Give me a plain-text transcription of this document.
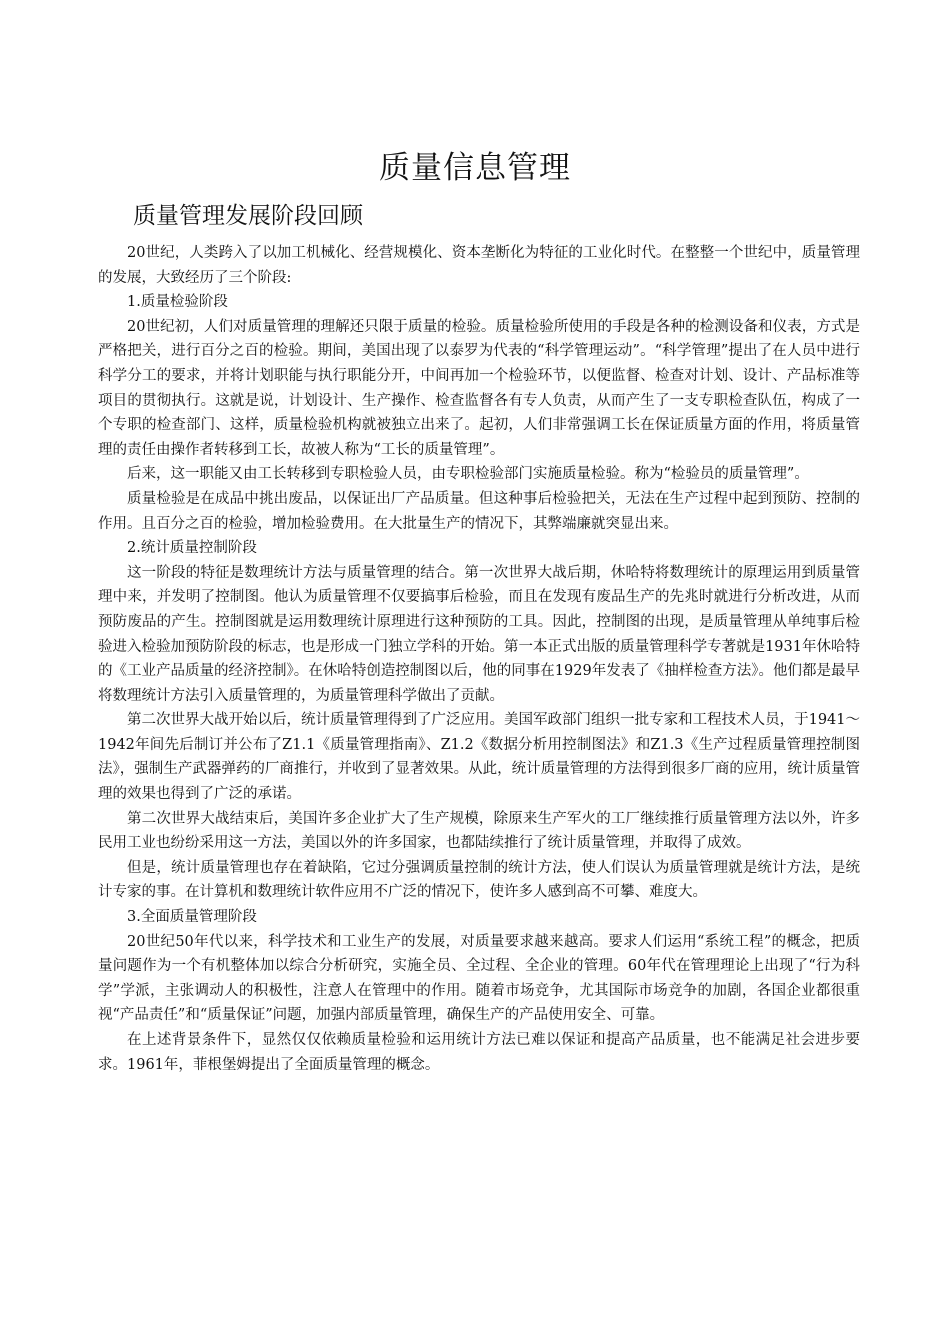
质量信息管理
质量管理发展阶段回顾

20世纪，人类跨入了以加工机械化、经营规模化、资本垄断化为特征的工业化时代。在整整一个世纪中，质量管理的发展，大致经历了三个阶段:

1.质量检验阶段

20世纪初，人们对质量管理的理解还只限于质量的检验。质量检验所使用的手段是各种的检测设备和仪表，方式是严格把关，进行百分之百的检验。期间，美国出现了以泰罗为代表的“科学管理运动”。“科学管理”提出了在人员中进行科学分工的要求，并将计划职能与执行职能分开，中间再加一个检验环节，以便监督、检查对计划、设计、产品标准等项目的贯彻执行。这就是说，计划设计、生产操作、检查监督各有专人负责，从而产生了一支专职检查队伍，构成了一个专职的检查部门、这样，质量检验机构就被独立出来了。起初，人们非常强调工长在保证质量方面的作用，将质量管理的责任由操作者转移到工长，故被人称为“工长的质量管理”。

后来，这一职能又由工长转移到专职检验人员，由专职检验部门实施质量检验。称为“检验员的质量管理”。

质量检验是在成品中挑出废品，以保证出厂产品质量。但这种事后检验把关，无法在生产过程中起到预防、控制的作用。且百分之百的检验，增加检验费用。在大批量生产的情况下，其弊端廉就突显出来。

2.统计质量控制阶段

这一阶段的特征是数理统计方法与质量管理的结合。第一次世界大战后期，休哈特将数理统计的原理运用到质量管理中来，并发明了控制图。他认为质量管理不仅要搞事后检验，而且在发现有废品生产的先兆时就进行分析改进，从而预防废品的产生。控制图就是运用数理统计原理进行这种预防的工具。因此，控制图的出现，是质量管理从单纯事后检验进入检验加预防阶段的标志，也是形成一门独立学科的开始。第一本正式出版的质量管理科学专著就是1931年休哈特的《工业产品质量的经济控制》。在休哈特创造控制图以后，他的同事在1929年发表了《抽样检查方法》。他们都是最早将数理统计方法引入质量管理的，为质量管理科学做出了贡献。

第二次世界大战开始以后，统计质量管理得到了广泛应用。美国军政部门组织一批专家和工程技术人员，于1941～1942年间先后制订并公布了Z1.1《质量管理指南》、Z1.2《数据分析用控制图法》和Z1.3《生产过程质量管理控制图法》，强制生产武器弹药的厂商推行，并收到了显著效果。从此，统计质量管理的方法得到很多厂商的应用，统计质量管理的效果也得到了广泛的承诺。

第二次世界大战结束后，美国许多企业扩大了生产规模，除原来生产军火的工厂继续推行质量管理方法以外，许多民用工业也纷纷采用这一方法，美国以外的许多国家，也都陆续推行了统计质量管理，并取得了成效。

但是，统计质量管理也存在着缺陷，它过分强调质量控制的统计方法，使人们误认为质量管理就是统计方法，是统计专家的事。在计算机和数理统计软件应用不广泛的情况下，使许多人感到高不可攀、难度大。

3.全面质量管理阶段

20世纪50年代以来，科学技术和工业生产的发展，对质量要求越来越高。要求人们运用“系统工程”的概念，把质量问题作为一个有机整体加以综合分析研究，实施全员、全过程、全企业的管理。60年代在管理理论上出现了“行为科学”学派，主张调动人的积极性，注意人在管理中的作用。随着市场竞争，尤其国际市场竞争的加剧，各国企业都很重视“产品责任”和“质量保证”问题，加强内部质量管理，确保生产的产品使用安全、可靠。

在上述背景条件下，显然仅仅依赖质量检验和运用统计方法已难以保证和提高产品质量，也不能满足社会进步要求。1961年，菲根堡姆提出了全面质量管理的概念。
